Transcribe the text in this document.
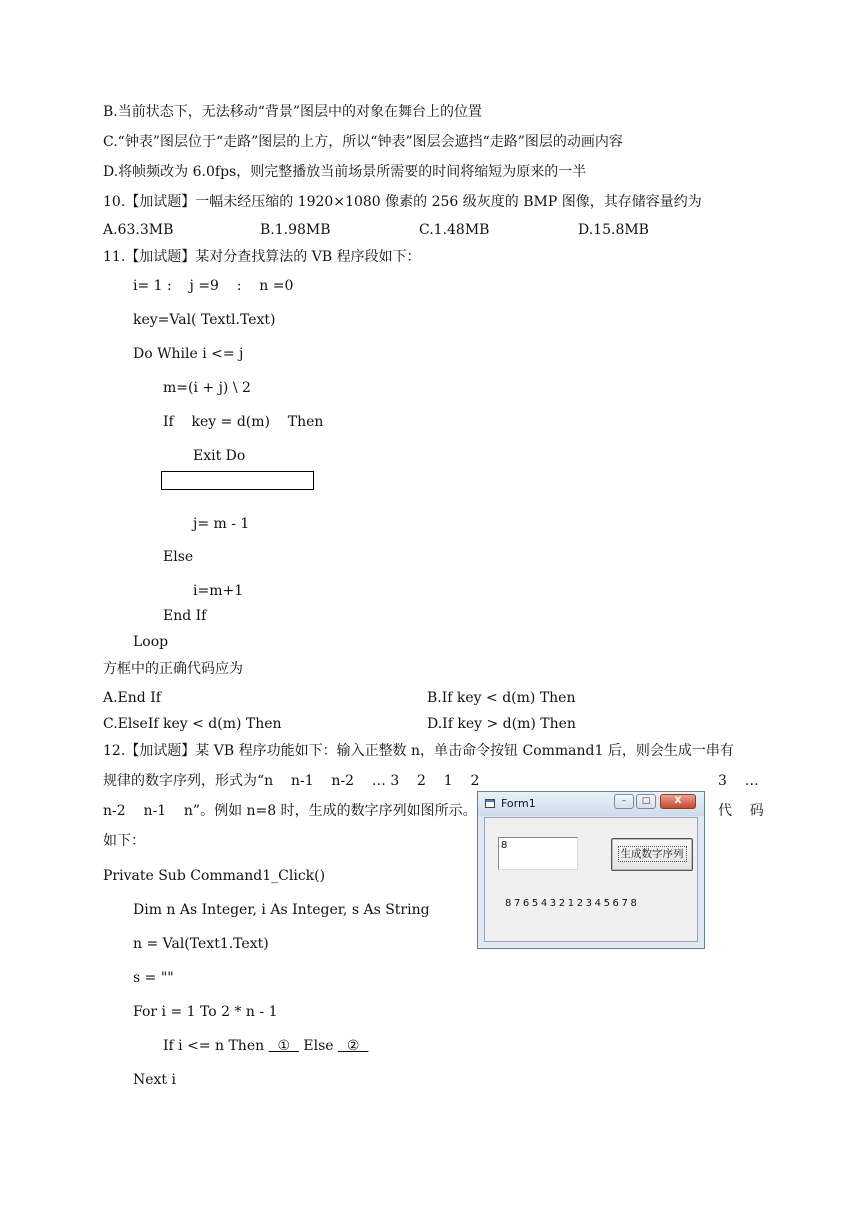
B.当前状态下，无法移动“背景”图层中的对象在舞台上的位置
C.“钟表”图层位于“走路”图层的上方，所以“钟表”图层会遮挡“走路”图层的动画内容
D.将帧频改为 6.0fps，则完整播放当前场景所需要的时间将缩短为原来的一半
10.【加试题】一幅未经压缩的 1920×1080 像素的 256 级灰度的 BMP 图像，其存储容量约为
A.63.3MB	B.1.98MB	C.1.48MB	D.15.8MB
11.【加试题】某对分查找算法的 VB 程序段如下：
i= 1 :    j =9    :    n =0
key=Val( Textl.Text)
Do While i <= j
m=(i + j) \ 2
If    key = d(m)    Then
Exit Do
j= m - 1
Else
i=m+1
End If
Loop
方框中的正确代码应为
A.End If	B.If key < d(m) Then
C.ElseIf key < d(m) Then	D.If key > d(m) Then
12.【加试题】某 VB 程序功能如下：输入正整数 n，单击命令按钮 Command1 后，则会生成一串有
规律的数字序列，形式为“n    n-1    n-2    … 3    2    1    2	3    …
n-2    n-1    n”。例如 n=8 时，生成的数字序列如图所示。	代    码
如下：
Private Sub Command1_Click()
Dim n As Integer, i As Integer, s As String
n = Val(Text1.Text)
s = ""
For i = 1 To 2 * n - 1
If i <= n Then   ①   Else   ②
Next i
Form1	–	□	X
8
生成数字序列
876543212345678
